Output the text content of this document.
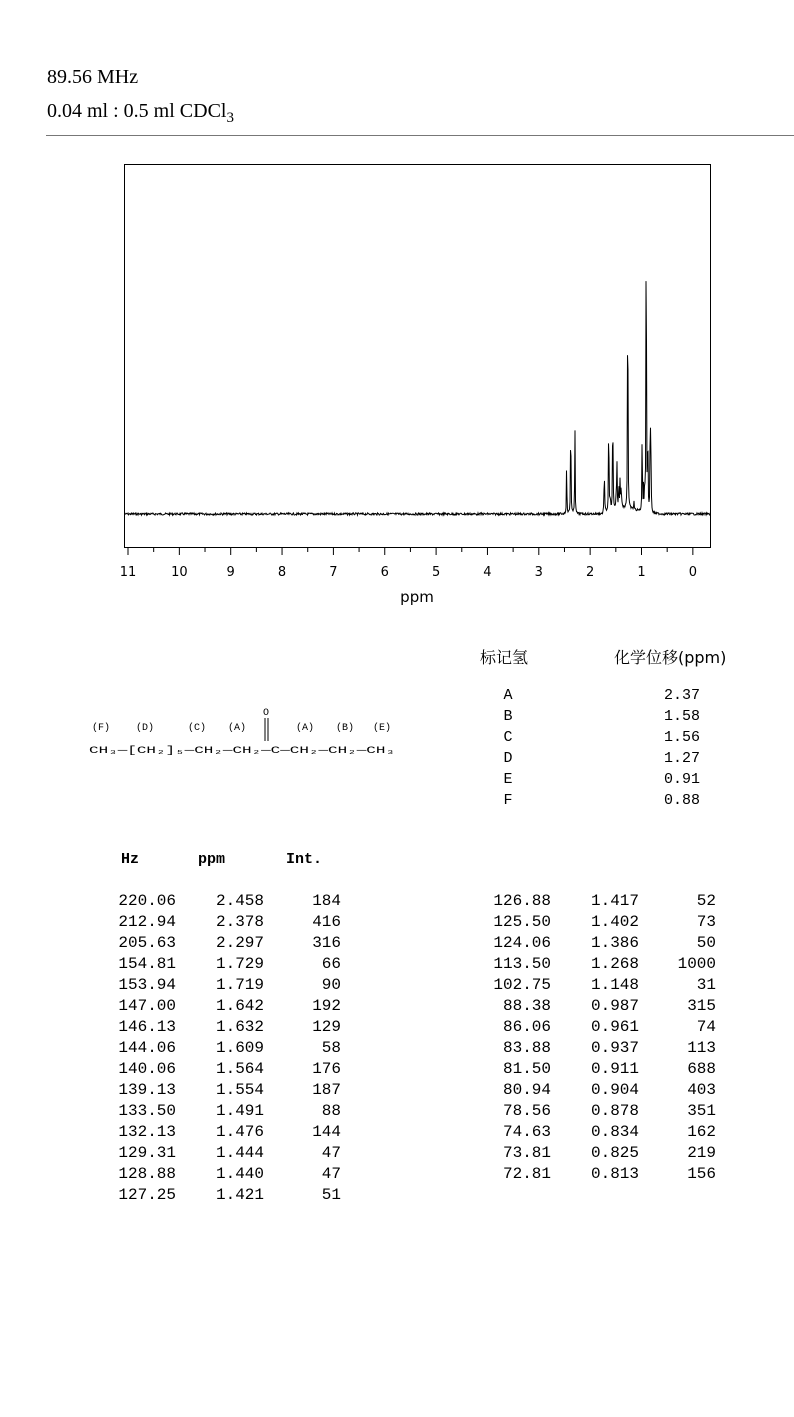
89.56 MHz
0.04 ml : 0.5 ml CDCl$_3$
11	10	9	8	7	6	5	4	3	2	1	0
ppm
标记氢	化学位移(ppm)
A	2.37
B	1.58
C	1.56
D	1.27
E	0.91
F	0.88
(F)	(D)	(C) (A)	(A) (B) (E)
O
CH₃—[CH₂]₅—CH₂—CH₂—C—CH₂—CH₂—CH₃
Hz	ppm	Int.
220.06	2.458	184
212.94	2.378	416
205.63	2.297	316
154.81	1.729	66
153.94	1.719	90
147.00	1.642	192
146.13	1.632	129
144.06	1.609	58
140.06	1.564	176
139.13	1.554	187
133.50	1.491	88
132.13	1.476	144
129.31	1.444	47
128.88	1.440	47
127.25	1.421	51
126.88	1.417	52
125.50	1.402	73
124.06	1.386	50
113.50	1.268	1000
102.75	1.148	31
88.38	0.987	315
86.06	0.961	74
83.88	0.937	113
81.50	0.911	688
80.94	0.904	403
78.56	0.878	351
74.63	0.834	162
73.81	0.825	219
72.81	0.813	156
